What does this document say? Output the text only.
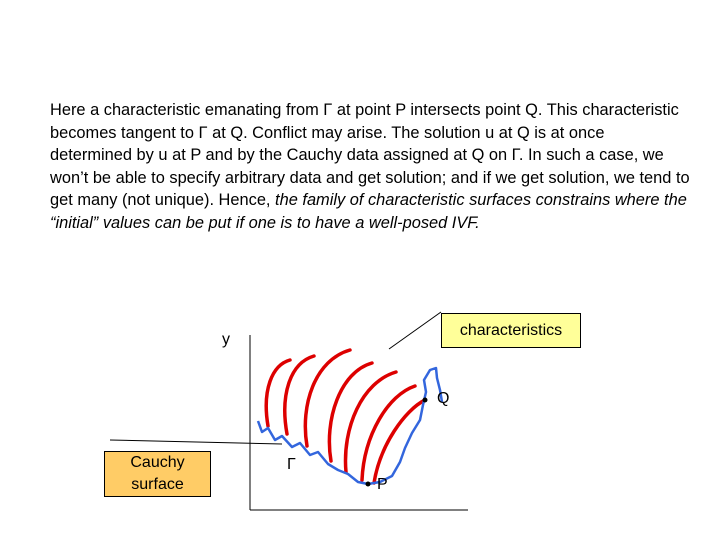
Here a characteristic emanating from Γ at point P intersects point Q. This characteristic becomes tangent to Γ at Q. Conflict may arise. The solution u at Q is at once determined by u at P and by the Cauchy data assigned at Q on Γ. In such a case, we won’t be able to specify arbitrary data and get solution; and if we get solution, we tend to get many (not unique). Hence, the family of characteristic surfaces constrains where the “initial” values can be put if one is to have a well-posed IVF.

y
characteristics
Q
Γ
P
Cauchy
surface
